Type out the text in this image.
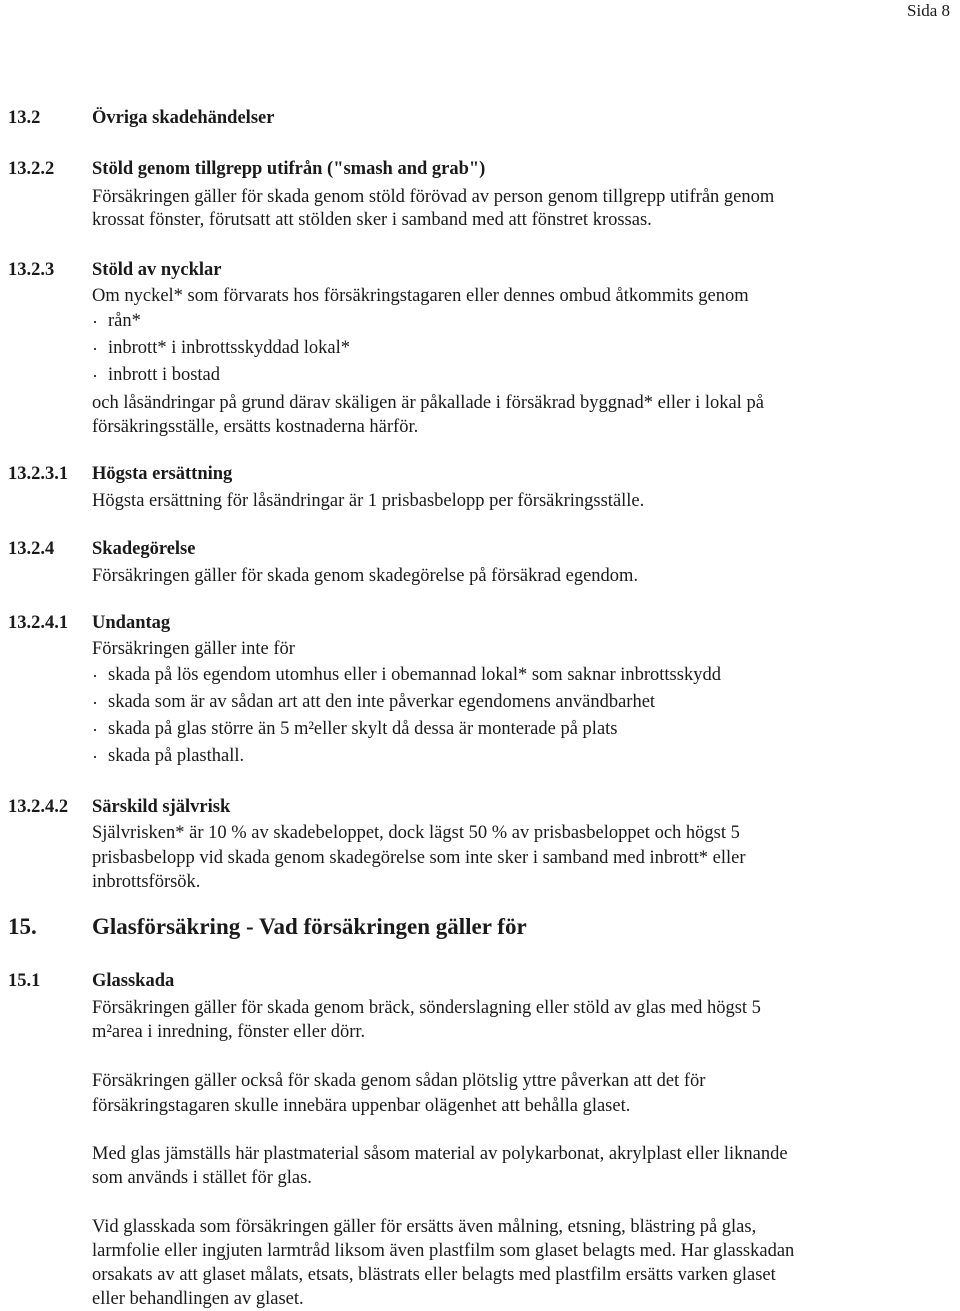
Sida 8
13.2	Övriga skadehändelser
13.2.2 Stöld genom tillgrepp utifrån ("smash and grab")
Försäkringen gäller för skada genom stöld förövad av person genom tillgrepp utifrån genom
krossat fönster, förutsatt att stölden sker i samband med att fönstret krossas.
13.2.3 Stöld av nycklar
Om nyckel* som förvarats hos försäkringstagaren eller dennes ombud åtkommits genom
· rån*
· inbrott* i inbrottsskyddad lokal*
· inbrott i bostad
och låsändringar på grund därav skäligen är påkallade i försäkrad byggnad* eller i lokal på
försäkringsställe, ersätts kostnaderna härför.
13.2.3.1 Högsta ersättning
Högsta ersättning för låsändringar är 1 prisbasbelopp per försäkringsställe.
13.2.4 Skadegörelse
Försäkringen gäller för skada genom skadegörelse på försäkrad egendom.
13.2.4.1 Undantag
Försäkringen gäller inte för
· skada på lös egendom utomhus eller i obemannad lokal* som saknar inbrottsskydd
· skada som är av sådan art att den inte påverkar egendomens användbarhet
· skada på glas större än 5 m²eller skylt då dessa är monterade på plats
· skada på plasthall.
13.2.4.2 Särskild självrisk
Självrisken* är 10 % av skadebeloppet, dock lägst 50 % av prisbasbeloppet och högst 5
prisbasbelopp vid skada genom skadegörelse som inte sker i samband med inbrott* eller
inbrottsförsök.
15. Glasförsäkring - Vad försäkringen gäller för
15.1	Glasskada
Försäkringen gäller för skada genom bräck, sönderslagning eller stöld av glas med högst 5
m²area i inredning, fönster eller dörr.
Försäkringen gäller också för skada genom sådan plötslig yttre påverkan att det för
försäkringstagaren skulle innebära uppenbar olägenhet att behålla glaset.
Med glas jämställs här plastmaterial såsom material av polykarbonat, akrylplast eller liknande
som används i stället för glas.
Vid glasskada som försäkringen gäller för ersätts även målning, etsning, blästring på glas,
larmfolie eller ingjuten larmtråd liksom även plastfilm som glaset belagts med. Har glasskadan
orsakats av att glaset målats, etsats, blästrats eller belagts med plastfilm ersätts varken glaset
eller behandlingen av glaset.
